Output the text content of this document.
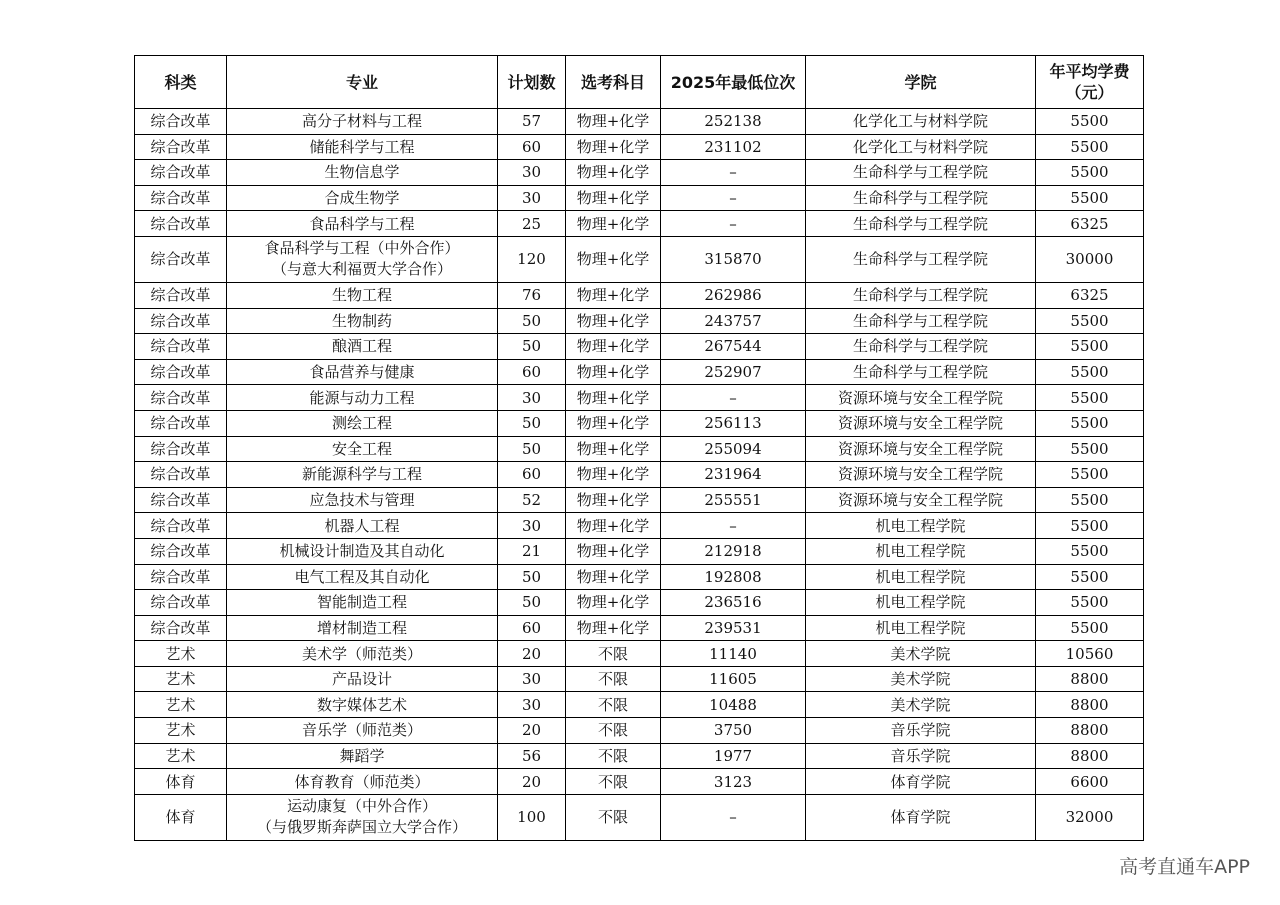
科类	专业	计划数	选考科目	2025年最低位次	学院	年平均学费
（元）

综合改革	高分子材料与工程	57	物理+化学	252138	化学化工与材料学院	5500
综合改革	储能科学与工程	60	物理+化学	231102	化学化工与材料学院	5500
综合改革	生物信息学	30	物理+化学	–	生命科学与工程学院	5500
综合改革	合成生物学	30	物理+化学	–	生命科学与工程学院	5500
综合改革	食品科学与工程	25	物理+化学	–	生命科学与工程学院	6325
综合改革	食品科学与工程（中外合作）
（与意大利福贾大学合作）	120	物理+化学	315870	生命科学与工程学院	30000
综合改革	生物工程	76	物理+化学	262986	生命科学与工程学院	6325
综合改革	生物制药	50	物理+化学	243757	生命科学与工程学院	5500
综合改革	酿酒工程	50	物理+化学	267544	生命科学与工程学院	5500
综合改革	食品营养与健康	60	物理+化学	252907	生命科学与工程学院	5500
综合改革	能源与动力工程	30	物理+化学	–	资源环境与安全工程学院	5500
综合改革	测绘工程	50	物理+化学	256113	资源环境与安全工程学院	5500
综合改革	安全工程	50	物理+化学	255094	资源环境与安全工程学院	5500
综合改革	新能源科学与工程	60	物理+化学	231964	资源环境与安全工程学院	5500
综合改革	应急技术与管理	52	物理+化学	255551	资源环境与安全工程学院	5500
综合改革	机器人工程	30	物理+化学	–	机电工程学院	5500
综合改革	机械设计制造及其自动化	21	物理+化学	212918	机电工程学院	5500
综合改革	电气工程及其自动化	50	物理+化学	192808	机电工程学院	5500
综合改革	智能制造工程	50	物理+化学	236516	机电工程学院	5500
综合改革	增材制造工程	60	物理+化学	239531	机电工程学院	5500
艺术	美术学（师范类）	20	不限	11140	美术学院	10560
艺术	产品设计	30	不限	11605	美术学院	8800
艺术	数字媒体艺术	30	不限	10488	美术学院	8800
艺术	音乐学（师范类）	20	不限	3750	音乐学院	8800
艺术	舞蹈学	56	不限	1977	音乐学院	8800
体育	体育教育（师范类）	20	不限	3123	体育学院	6600
体育	运动康复（中外合作）
（与俄罗斯奔萨国立大学合作）	100	不限	–	体育学院	32000
高考直通车APP
